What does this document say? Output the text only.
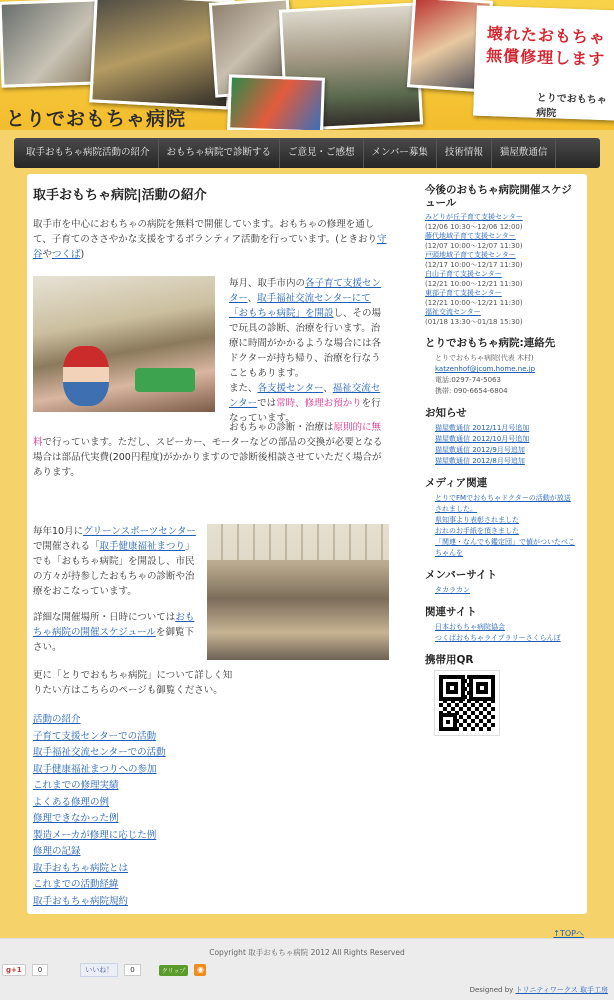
壊れたおもちゃ
無償修理します
とりでおもちゃ病院
とりでおもちゃ病院
取手おもちゃ病院活動の紹介	おもちゃ病院で診断する	ご意見・ご感想	メンバー募集	技術情報	猫屋敷通信
取手おもちゃ病院|活動の紹介
取手市を中心におもちゃの病院を無料で開催しています。おもちゃの修理を通して、子育てのささやかな支援をするボランティア活動を行っています。(ときおり守谷やつくば)
毎月、取手市内の各子育て支援センター、取手福祉交流センターにて「おもちゃ病院」を開設し、その場で玩具の診断、治療を行います。治療に時間がかかるような場合には各ドクターが持ち帰り、治療を行なうこともあります。
また、各支援センター、福祉交流センターでは常時、修理お預かりを行なっています。
おもちゃの診断・治療は原則的に無料で行っています。ただし、スピーカー、モーターなどの部品の交換が必要となる場合は部品代実費(200円程度)がかかりますので診断後相談させていただく場合があります。
毎年10月にグリーンスポーツセンターで開催される「取手健康福祉まつり」でも「おもちゃ病院」を開設し、市民の方々が持参したおもちゃの診断や治療をおこなっています。
詳細な開催場所・日時についてはおもちゃ病院の開催スケジュールを御覧下さい。
更に「とりでおもちゃ病院」について詳しく知りたい方はこちらのページも御覧ください。
活動の紹介
子育て支援センターでの活動
取手福祉交流センターでの活動
取手健康福祉まつりへの参加
これまでの修理実績
よくある修理の例
修理できなかった例
製造メーカが修理に応じた例
修理の記録
取手おもちゃ病院とは
これまでの活動経緯
取手おもちゃ病院規約
今後のおもちゃ病院開催スケジュール
みどりが丘子育て支援センター
(12/06 10:30～12/06 12:00)
藤代地域子育て支援センター
(12/07 10:00～12/07 11:30)
戸頭地域子育て支援センター
(12/17 10:00～12/17 11:30)
白山子育て支援センター
(12/21 10:00～12/21 11:30)
東部子育て支援センター
(12/21 10:00～12/21 11:30)
福祉交流センター
(01/18 13:30～01/18 15:30)
とりでおもちゃ病院:連絡先
とりでおもちゃ病院(代表 木村)
katzenhof@jcom.home.ne.jp
電話:0297-74-5063
携帯: 090-6654-6804
お知らせ
猫屋敷通信 2012/11月号追加
猫屋敷通信 2012/10月号追加
猫屋敷通信 2012/9月号追加
猫屋敷通信 2012/8月号追加
メディア関連
とりでFMでおもちゃドクターの活動が放送されました。
県知事より表彰されました
おれのお手紙を頂きました
「関連・なんでも鑑定団」で値がついたべこちゃんを
メンバーサイト
タカラカン
関連サイト
日本おもちゃ病院協会
つくばおもちゃライブラリーさくらんぼ
携帯用QR
↑TOPへ
Copyright 取手おもちゃ病院 2012 All Rights Reserved
g+1	0	いいね！	0	クリップ	◉
Designed by トリニティワークス 取手工房
